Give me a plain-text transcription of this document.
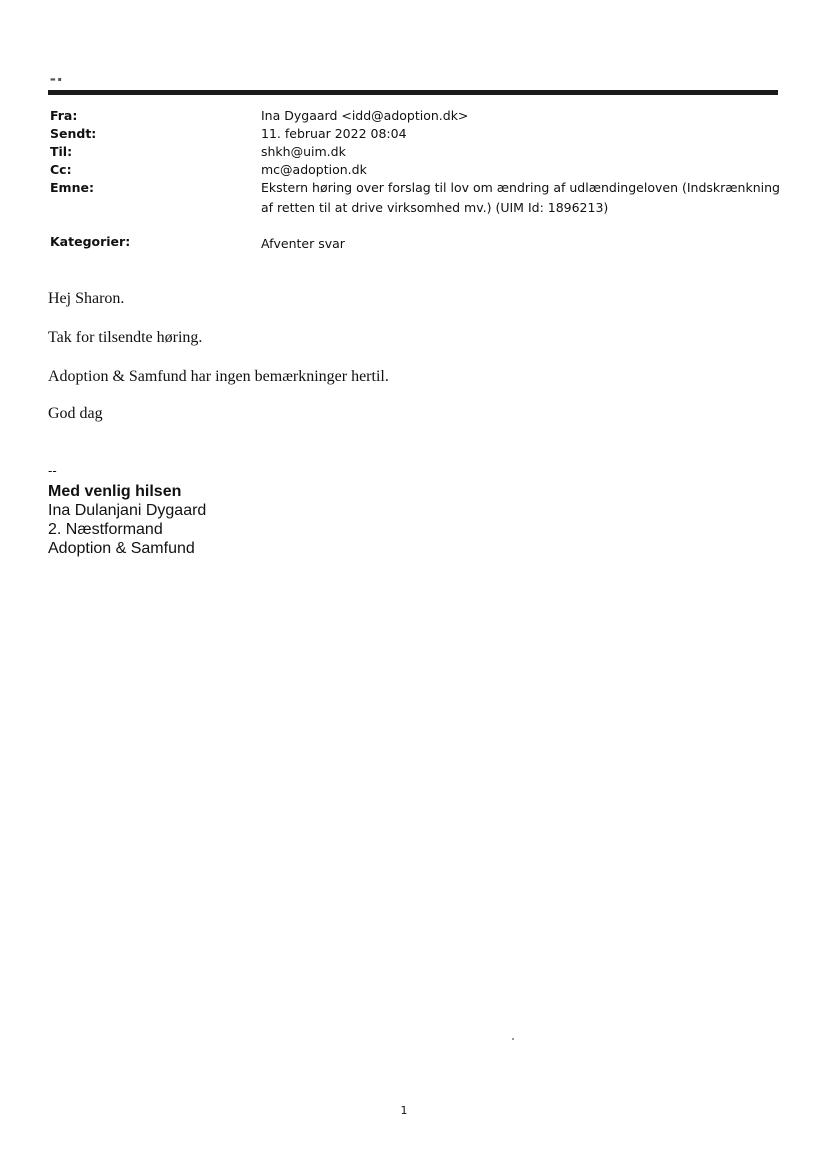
▬ ▪
Fra:	Ina Dygaard <idd@adoption.dk>
Sendt:	11. februar 2022 08:04
Til:	shkh@uim.dk
Cc:	mc@adoption.dk
Emne:	Ekstern høring over forslag til lov om ændring af udlændingeloven (Indskrænkning
af retten til at drive virksomhed mv.) (UIM Id: 1896213)
Kategorier:	Afventer svar
Hej Sharon.
Tak for tilsendte høring.
Adoption & Samfund har ingen bemærkninger hertil.
God dag
--
Med venlig hilsen
Ina Dulanjani Dygaard
2. Næstformand
Adoption & Samfund
1
